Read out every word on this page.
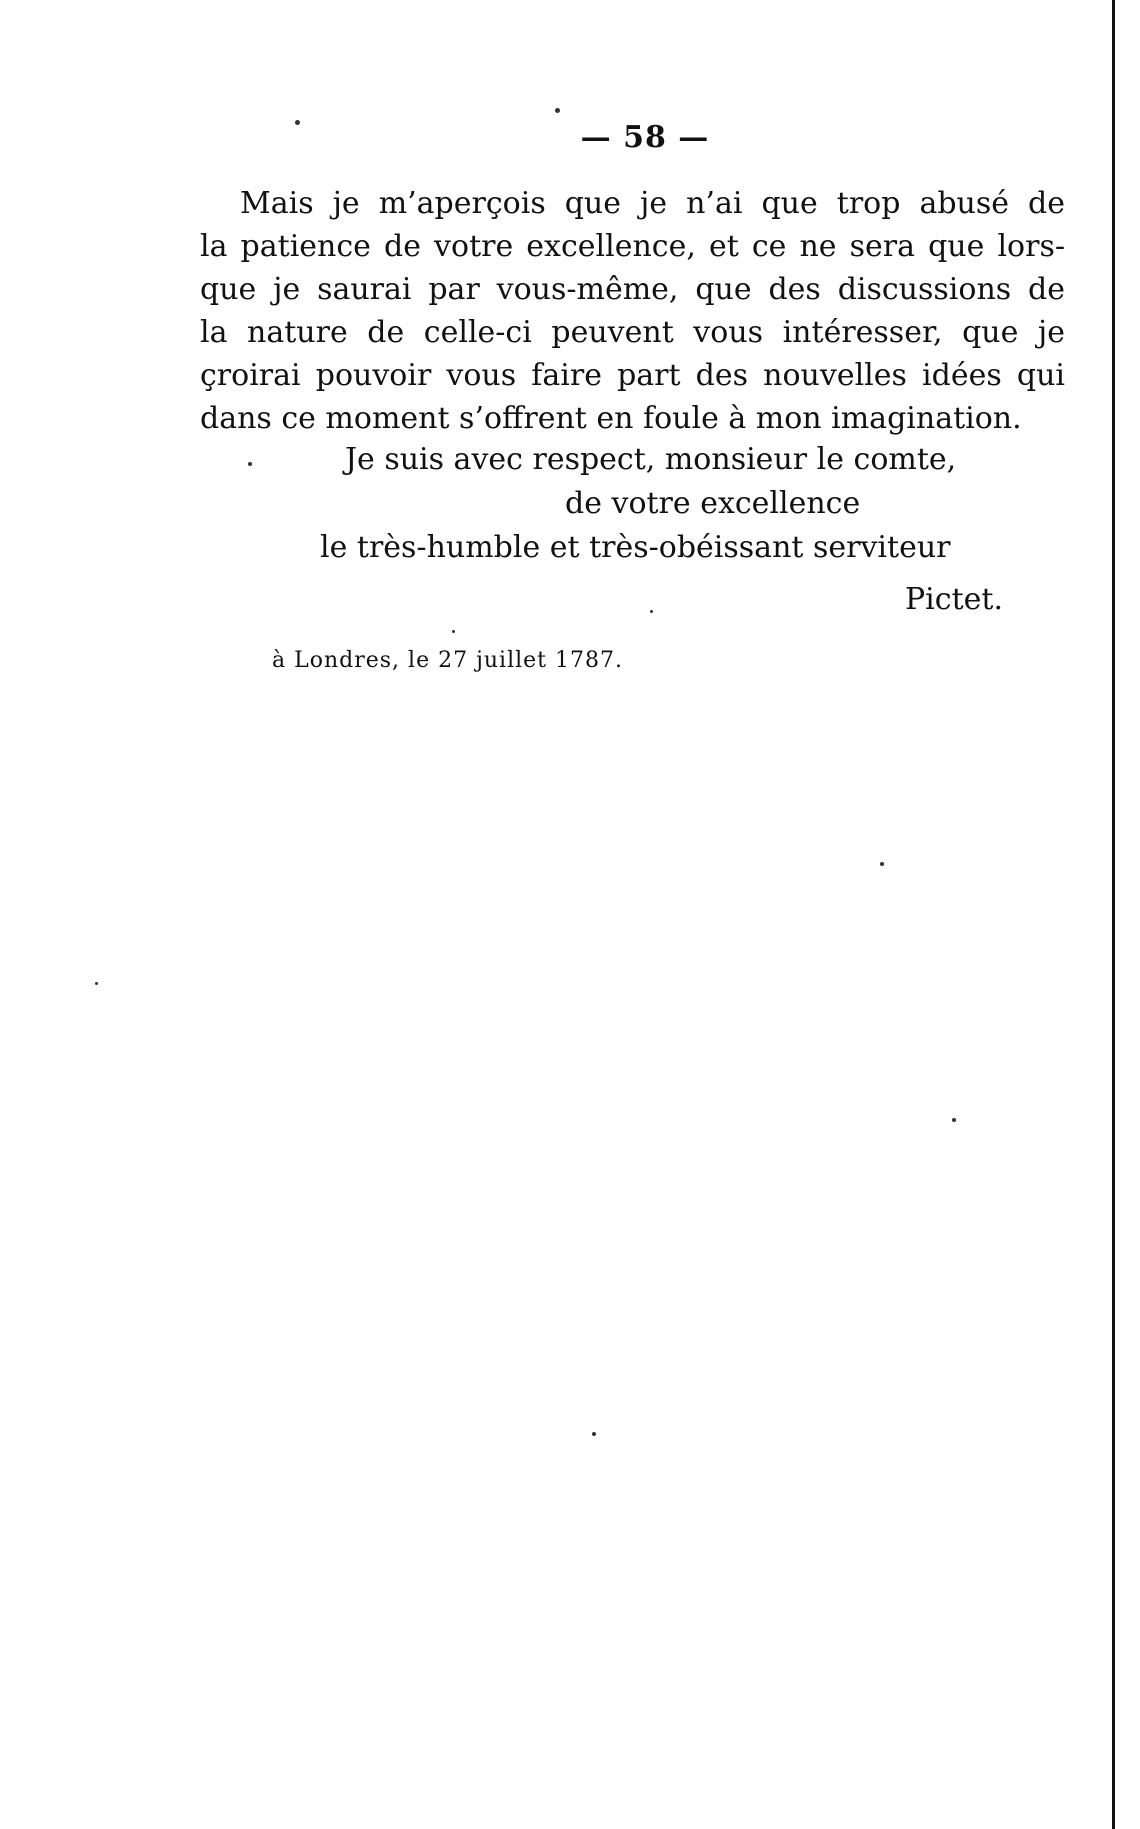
— 58 —
Mais je m’aperçois que je n’ai que trop abusé de
la patience de votre excellence, et ce ne sera que lors-
que je saurai par vous-même, que des discussions de
la nature de celle-ci peuvent vous intéresser, que je
çroirai pouvoir vous faire part des nouvelles idées qui
dans ce moment s’offrent en foule à mon imagination.
Je suis avec respect, monsieur le comte,
de votre excellence
le très-humble et très-obéissant serviteur
Pictet.
à Londres, le 27 juillet 1787.
